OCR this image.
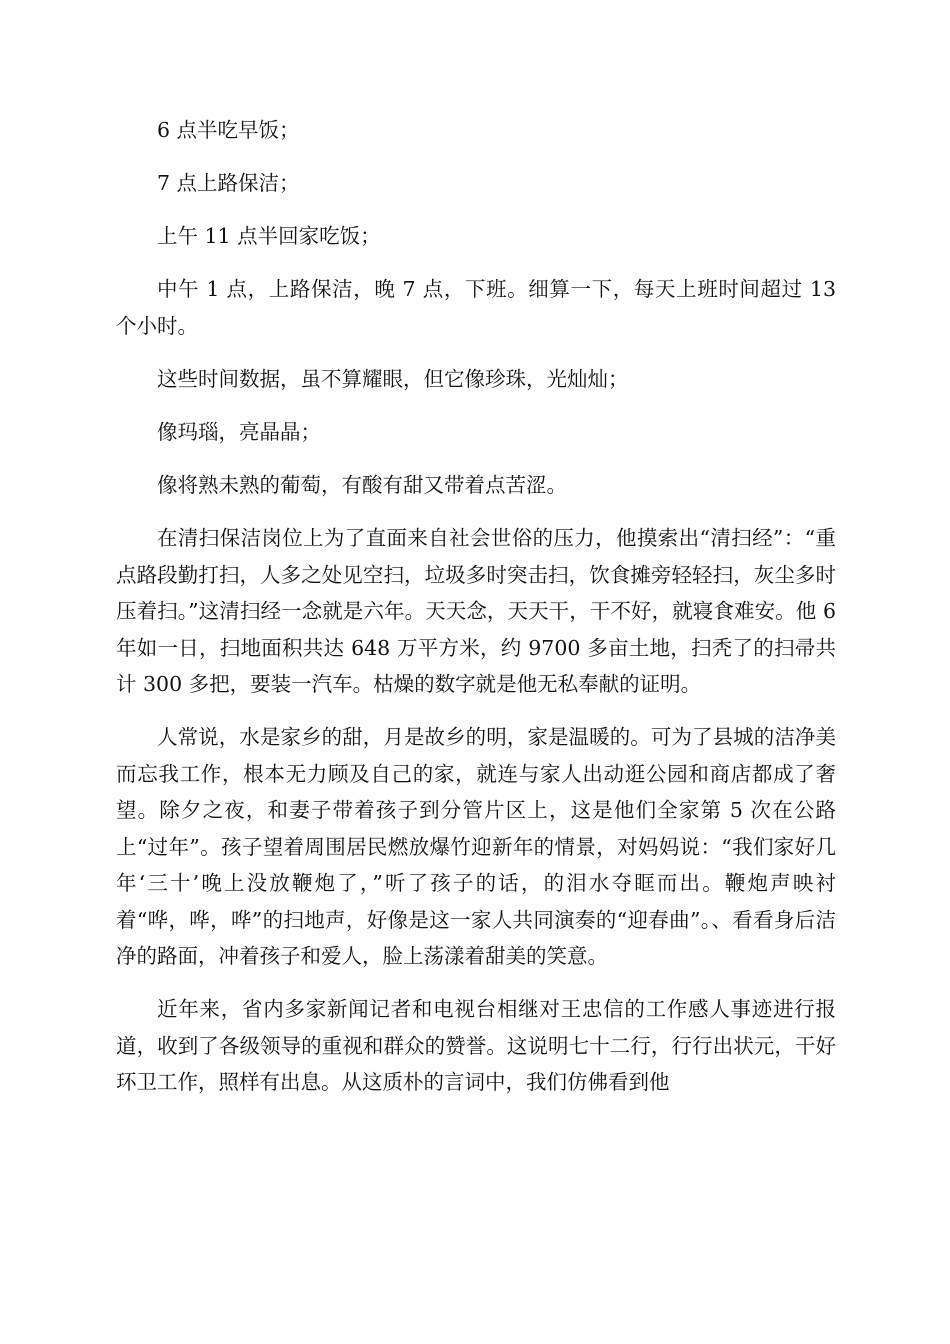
6 点半吃早饭；

7 点上路保洁；

上午 11 点半回家吃饭；

中午 1 点，上路保洁，晚 7 点，下班。细算一下，每天上班时间超过 13 个小时。

这些时间数据，虽不算耀眼，但它像珍珠，光灿灿；

像玛瑙，亮晶晶；

像将熟未熟的葡萄，有酸有甜又带着点苦涩。

在清扫保洁岗位上为了直面来自社会世俗的压力，他摸索出“清扫经”：“重点路段勤打扫，人多之处见空扫，垃圾多时突击扫，饮食摊旁轻轻扫，灰尘多时压着扫。”这清扫经一念就是六年。天天念，天天干，干不好，就寝食难安。他 6 年如一日，扫地面积共达 648 万平方米，约 9700 多亩土地，扫秃了的扫帚共计 300 多把，要装一汽车。枯燥的数字就是他无私奉献的证明。

人常说，水是家乡的甜，月是故乡的明，家是温暖的。可为了县城的洁净美而忘我工作，根本无力顾及自己的家，就连与家人出动逛公园和商店都成了奢望。除夕之夜，和妻子带着孩子到分管片区上，这是他们全家第 5 次在公路上“过年”。孩子望着周围居民燃放爆竹迎新年的情景，对妈妈说：“我们家好几年‘三十’晚上没放鞭炮了，”听了孩子的话，的泪水夺眶而出。鞭炮声映衬着“哗，哗，哗”的扫地声，好像是这一家人共同演奏的“迎春曲”。、看看身后洁净的路面，冲着孩子和爱人，脸上荡漾着甜美的笑意。

近年来，省内多家新闻记者和电视台相继对王忠信的工作感人事迹进行报道，收到了各级领导的重视和群众的赞誉。这说明七十二行，行行出状元，干好环卫工作，照样有出息。从这质朴的言词中，我们仿佛看到他
